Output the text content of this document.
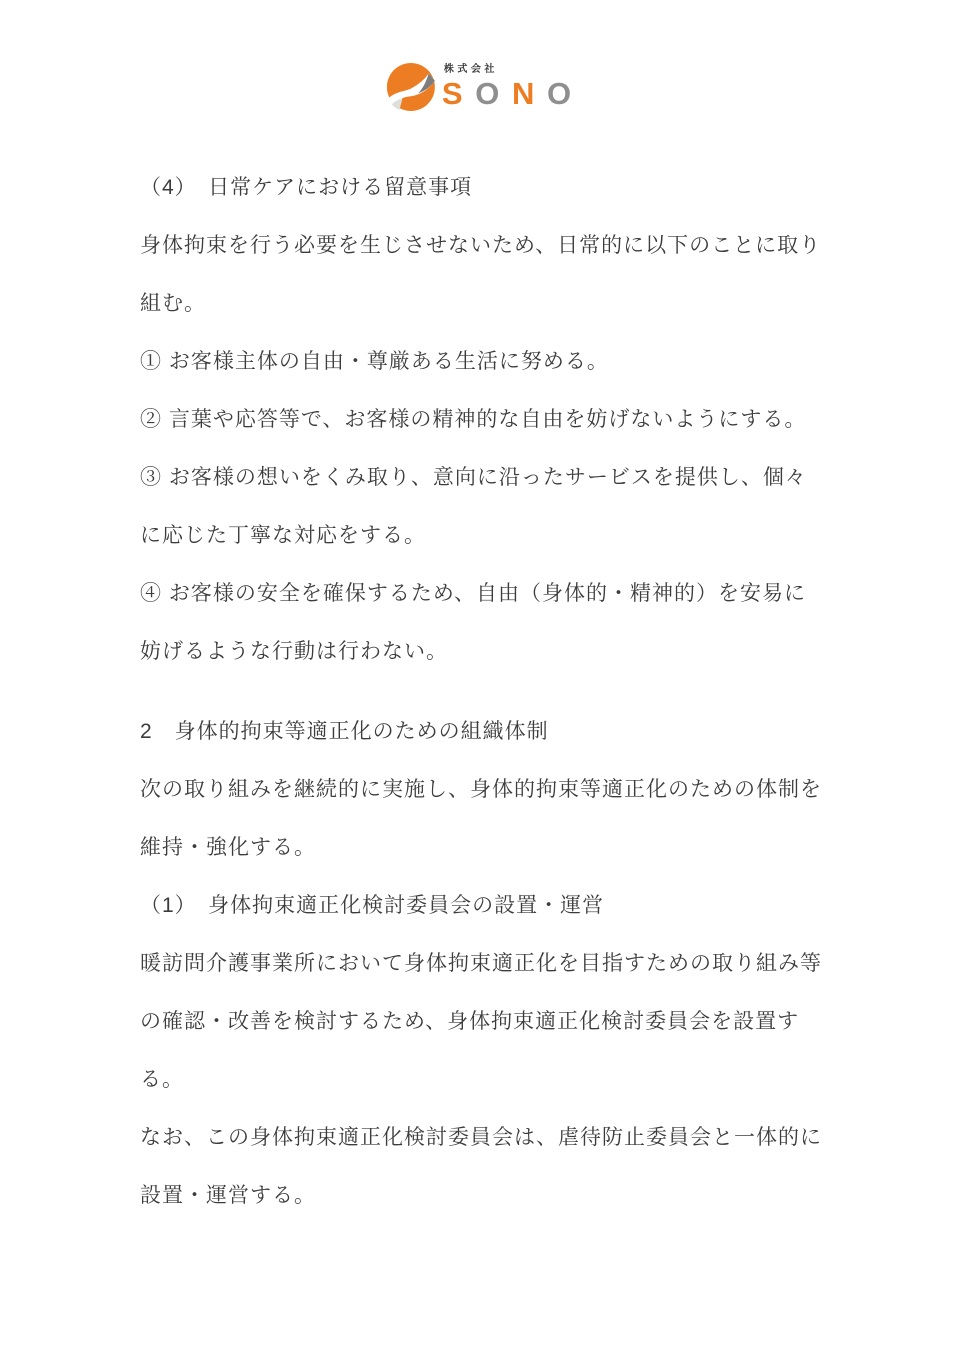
株式会社
S O N O
（4）　日常ケアにおける留意事項
身体拘束を行う必要を生じさせないため、日常的に以下のことに取り
組む。
① お客様主体の自由・尊厳ある生活に努める。
② 言葉や応答等で、お客様の精神的な自由を妨げないようにする。
③ お客様の想いをくみ取り、意向に沿ったサービスを提供し、個々
に応じた丁寧な対応をする。
④ お客様の安全を確保するため、自由（身体的・精神的）を安易に
妨げるような行動は行わない。
2　身体的拘束等適正化のための組織体制
次の取り組みを継続的に実施し、身体的拘束等適正化のための体制を
維持・強化する。
（1）　身体拘束適正化検討委員会の設置・運営
暖訪問介護事業所において身体拘束適正化を目指すための取り組み等
の確認・改善を検討するため、身体拘束適正化検討委員会を設置す
る。
なお、この身体拘束適正化検討委員会は、虐待防止委員会と一体的に
設置・運営する。
